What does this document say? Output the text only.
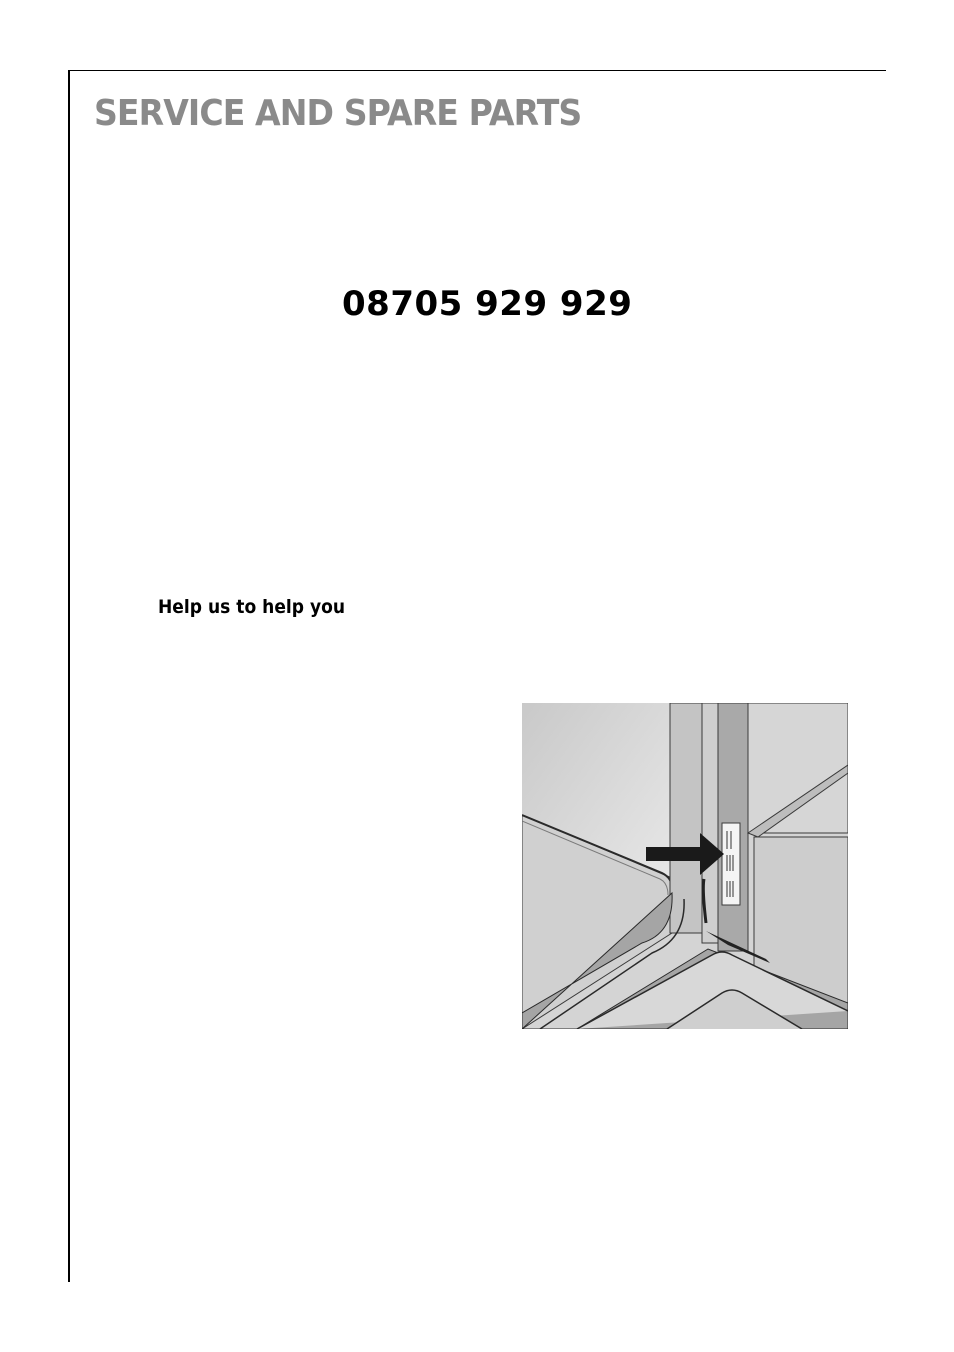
SERVICE AND SPARE PARTS
08705 929 929
Help us to help you
